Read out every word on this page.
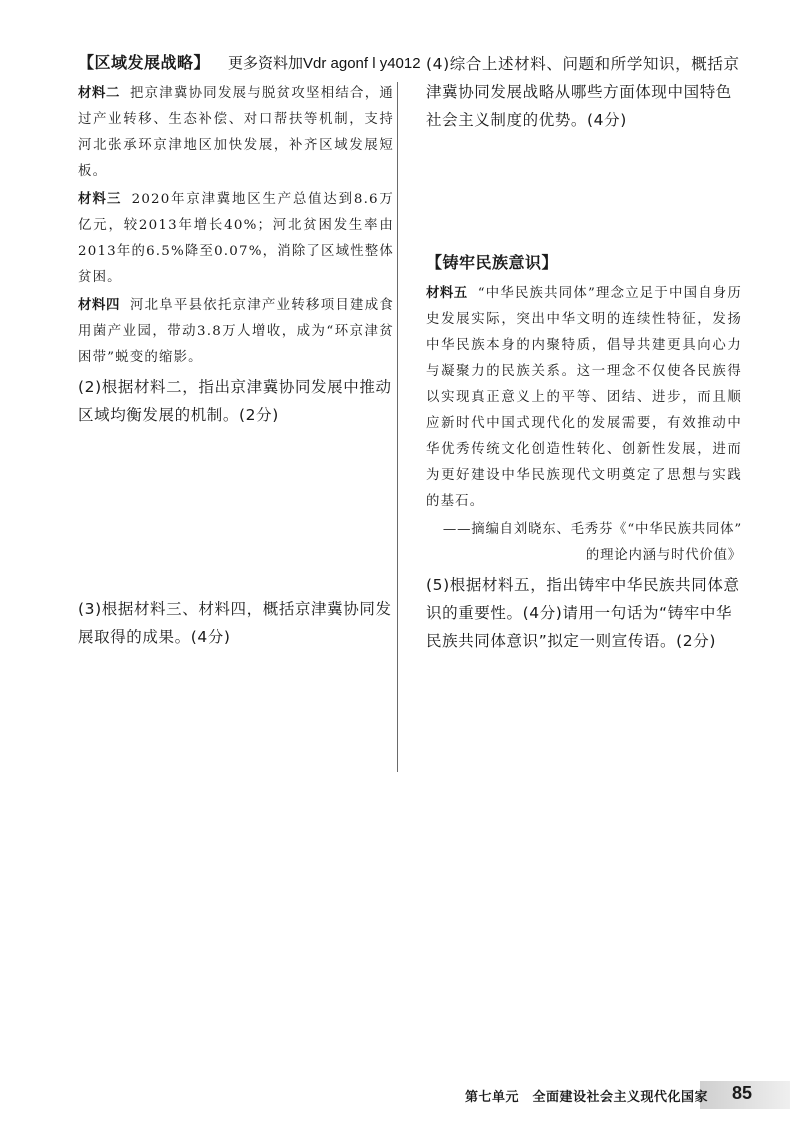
更多资料加Vdr agonf l y4012
【区域发展战略】

材料二 把京津冀协同发展与脱贫攻坚相结合，通过产业转移、生态补偿、对口帮扶等机制，支持河北张承环京津地区加快发展，补齐区域发展短板。

材料三 2020年京津冀地区生产总值达到8.6万亿元，较2013年增长40%；河北贫困发生率由2013年的6.5%降至0.07%，消除了区域性整体贫困。

材料四 河北阜平县依托京津产业转移项目建成食用菌产业园，带动3.8万人增收，成为“环京津贫困带”蜕变的缩影。

(2)根据材料二，指出京津冀协同发展中推动区域均衡发展的机制。(2分)

(3)根据材料三、材料四，概括京津冀协同发展取得的成果。(4分)

(4)综合上述材料、问题和所学知识，概括京津冀协同发展战略从哪些方面体现中国特色社会主义制度的优势。(4分)

【铸牢民族意识】

材料五 “中华民族共同体”理念立足于中国自身历史发展实际，突出中华文明的连续性特征，发扬中华民族本身的内聚特质，倡导共建更具向心力与凝聚力的民族关系。这一理念不仅使各民族得以实现真正意义上的平等、团结、进步，而且顺应新时代中国式现代化的发展需要，有效推动中华优秀传统文化创造性转化、创新性发展，进而为更好建设中华民族现代文明奠定了思想与实践的基石。

——摘编自刘晓东、毛秀芬《“中华民族共同体”

的理论内涵与时代价值》

(5)根据材料五，指出铸牢中华民族共同体意识的重要性。(4分)请用一句话为“铸牢中华民族共同体意识”拟定一则宣传语。(2分)

第七单元　全面建设社会主义现代化国家 85
